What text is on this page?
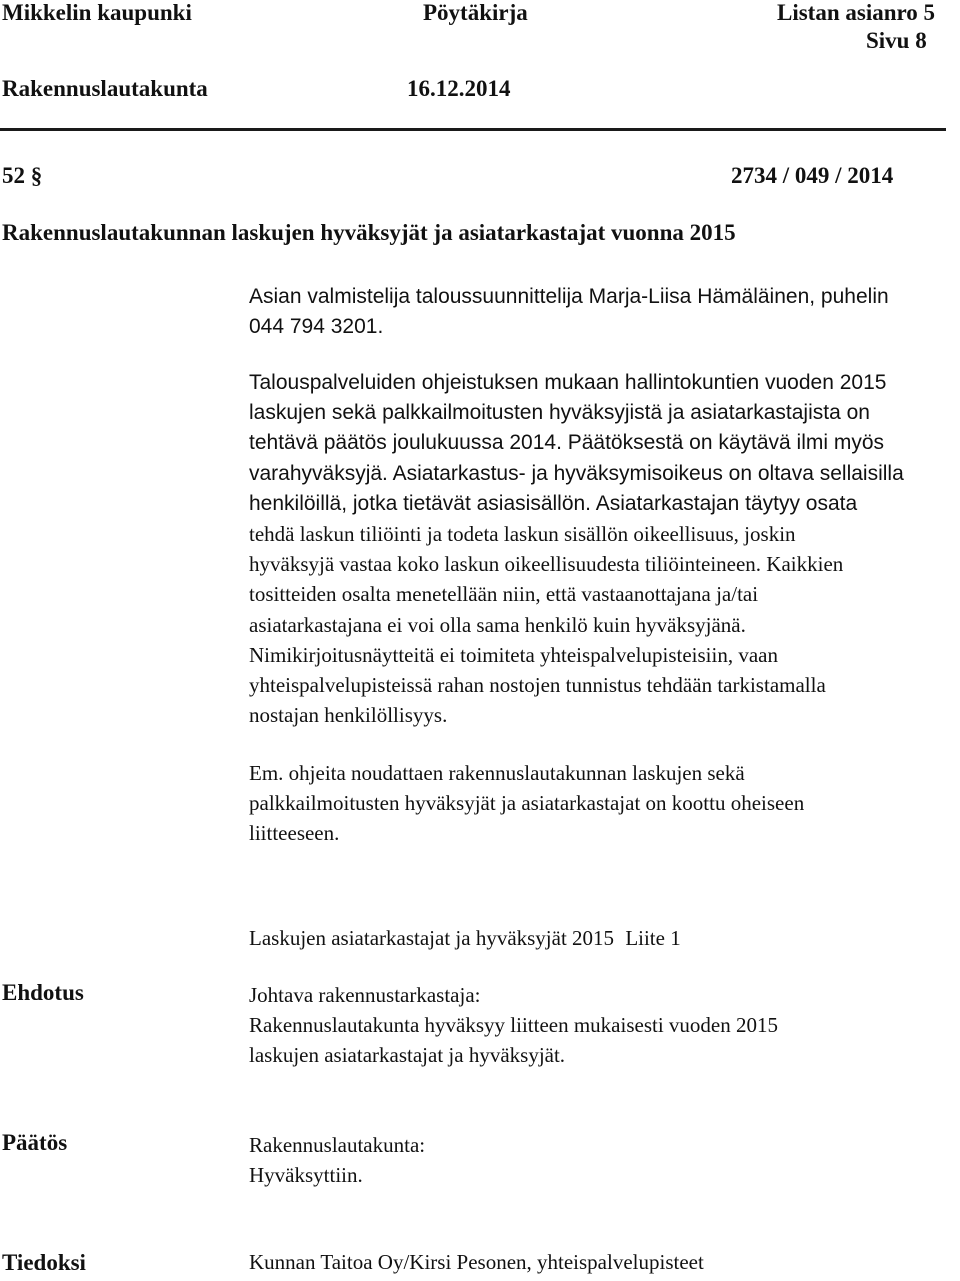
Mikkelin kaupunki	Pöytäkirja	Listan asianro 5
Sivu 8
Rakennuslautakunta	16.12.2014
52 §	2734 / 049 / 2014
Rakennuslautakunnan laskujen hyväksyjät ja asiatarkastajat vuonna 2015
Asian valmistelija taloussuunnittelija Marja-Liisa Hämäläinen, puhelin
044 794 3201.
Talouspalveluiden ohjeistuksen mukaan hallintokuntien vuoden 2015
laskujen sekä palkkailmoitusten hyväksyjistä ja asiatarkastajista on
tehtävä päätös joulukuussa 2014. Päätöksestä on käytävä ilmi myös
varahyväksyjä. Asiatarkastus- ja hyväksymisoikeus on oltava sellaisilla
henkilöillä, jotka tietävät asiasisällön. Asiatarkastajan täytyy osata
tehdä laskun tiliöinti ja todeta laskun sisällön oikeellisuus, joskin
hyväksyjä vastaa koko laskun oikeellisuudesta tiliöinteineen. Kaikkien
tositteiden osalta menetellään niin, että vastaanottajana ja/tai
asiatarkastajana ei voi olla sama henkilö kuin hyväksyjänä.
Nimikirjoitusnäytteitä ei toimiteta yhteispalvelupisteisiin, vaan
yhteispalvelupisteissä rahan nostojen tunnistus tehdään tarkistamalla
nostajan henkilöllisyys.
Em. ohjeita noudattaen rakennuslautakunnan laskujen sekä
palkkailmoitusten hyväksyjät ja asiatarkastajat on koottu oheiseen
liitteeseen.
Laskujen asiatarkastajat ja hyväksyjät 2015 Liite 1
Ehdotus	Johtava rakennustarkastaja:
Rakennuslautakunta hyväksyy liitteen mukaisesti vuoden 2015
laskujen asiatarkastajat ja hyväksyjät.
Päätös	Rakennuslautakunta:
Hyväksyttiin.
Tiedoksi	Kunnan Taitoa Oy/Kirsi Pesonen, yhteispalvelupisteet
